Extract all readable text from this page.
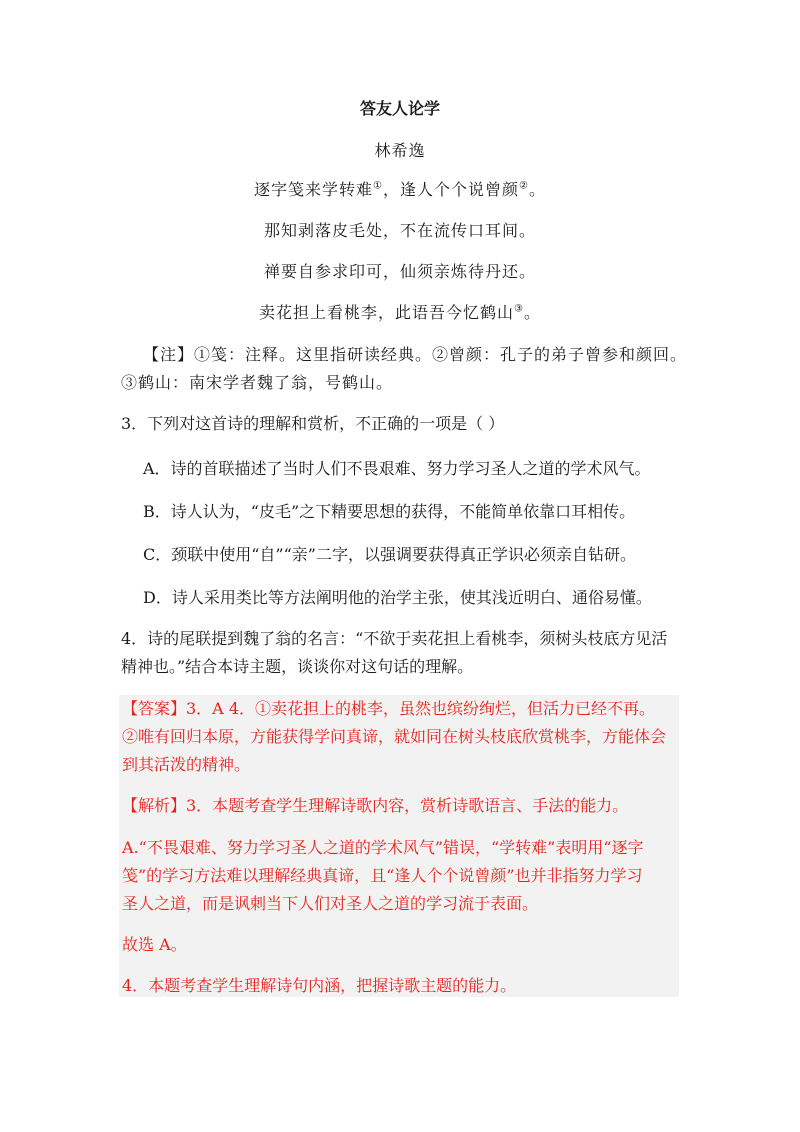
答友人论学
林希逸
逐字笺来学转难①，逢人个个说曾颜②。
那知剥落皮毛处，不在流传口耳间。
禅要自参求印可，仙须亲炼待丹还。
卖花担上看桃李，此语吾今忆鹤山③。
【注】①笺：注释。这里指研读经典。②曾颜：孔子的弟子曾参和颜回。
③鹤山：南宋学者魏了翁，号鹤山。
3．下列对这首诗的理解和赏析，不正确的一项是（ ）
A．诗的首联描述了当时人们不畏艰难、努力学习圣人之道的学术风气。
B．诗人认为，“皮毛”之下精要思想的获得，不能简单依靠口耳相传。
C．颈联中使用“自”“亲”二字，以强调要获得真正学识必须亲自钻研。
D．诗人采用类比等方法阐明他的治学主张，使其浅近明白、通俗易懂。
4．诗的尾联提到魏了翁的名言：“不欲于卖花担上看桃李，须树头枝底方见活
精神也。”结合本诗主题，谈谈你对这句话的理解。
【答案】3．A 4．①卖花担上的桃李，虽然也缤纷绚烂，但活力已经不再。
②唯有回归本原，方能获得学问真谛，就如同在树头枝底欣赏桃李，方能体会
到其活泼的精神。
【解析】3．本题考查学生理解诗歌内容，赏析诗歌语言、手法的能力。
A.“不畏艰难、努力学习圣人之道的学术风气”错误，“学转难”表明用“逐字
笺”的学习方法难以理解经典真谛，且“逢人个个说曾颜”也并非指努力学习
圣人之道，而是讽刺当下人们对圣人之道的学习流于表面。
故选 A。
4．本题考查学生理解诗句内涵，把握诗歌主题的能力。
